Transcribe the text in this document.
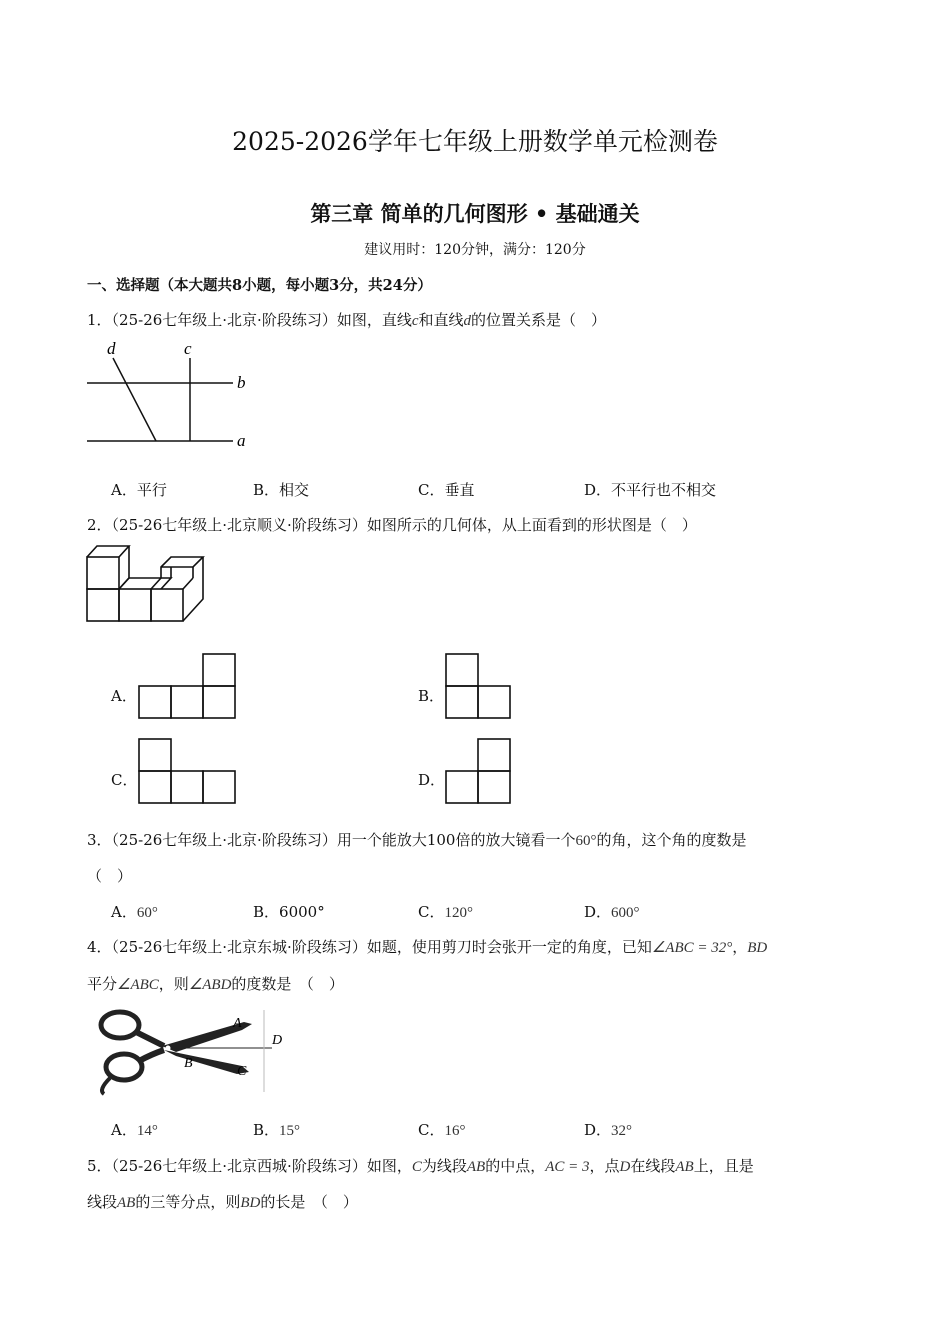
2025-2026学年七年级上册数学单元检测卷
第三章 简单的几何图形 • 基础通关
建议用时：120分钟，满分：120分
一、选择题（本大题共8小题，每小题3分，共24分）
1．（25-26七年级上·北京·阶段练习）如图，直线c和直线d的位置关系是（　）
d	c
b
a
A．平行	B．相交	C．垂直	D．不平行也不相交
2．（25-26七年级上·北京顺义·阶段练习）如图所示的几何体，从上面看到的形状图是（　）
A．	B．
C．	D．
3．（25-26七年级上·北京·阶段练习）用一个能放大100倍的放大镜看一个60°的角，这个角的度数是
（　）
A．60°	B．6000°	C．120°	D．600°
4．（25-26七年级上·北京东城·阶段练习）如题，使用剪刀时会张开一定的角度，已知∠ABC = 32°，BD
平分∠ABC，则∠ABD的度数是　（　）
A
D
B
C
A．14°	B．15°	C．16°	D．32°
5．（25-26七年级上·北京西城·阶段练习）如图，C为线段AB的中点，AC = 3，点D在线段AB上，且是
线段AB的三等分点，则BD的长是　（　）
